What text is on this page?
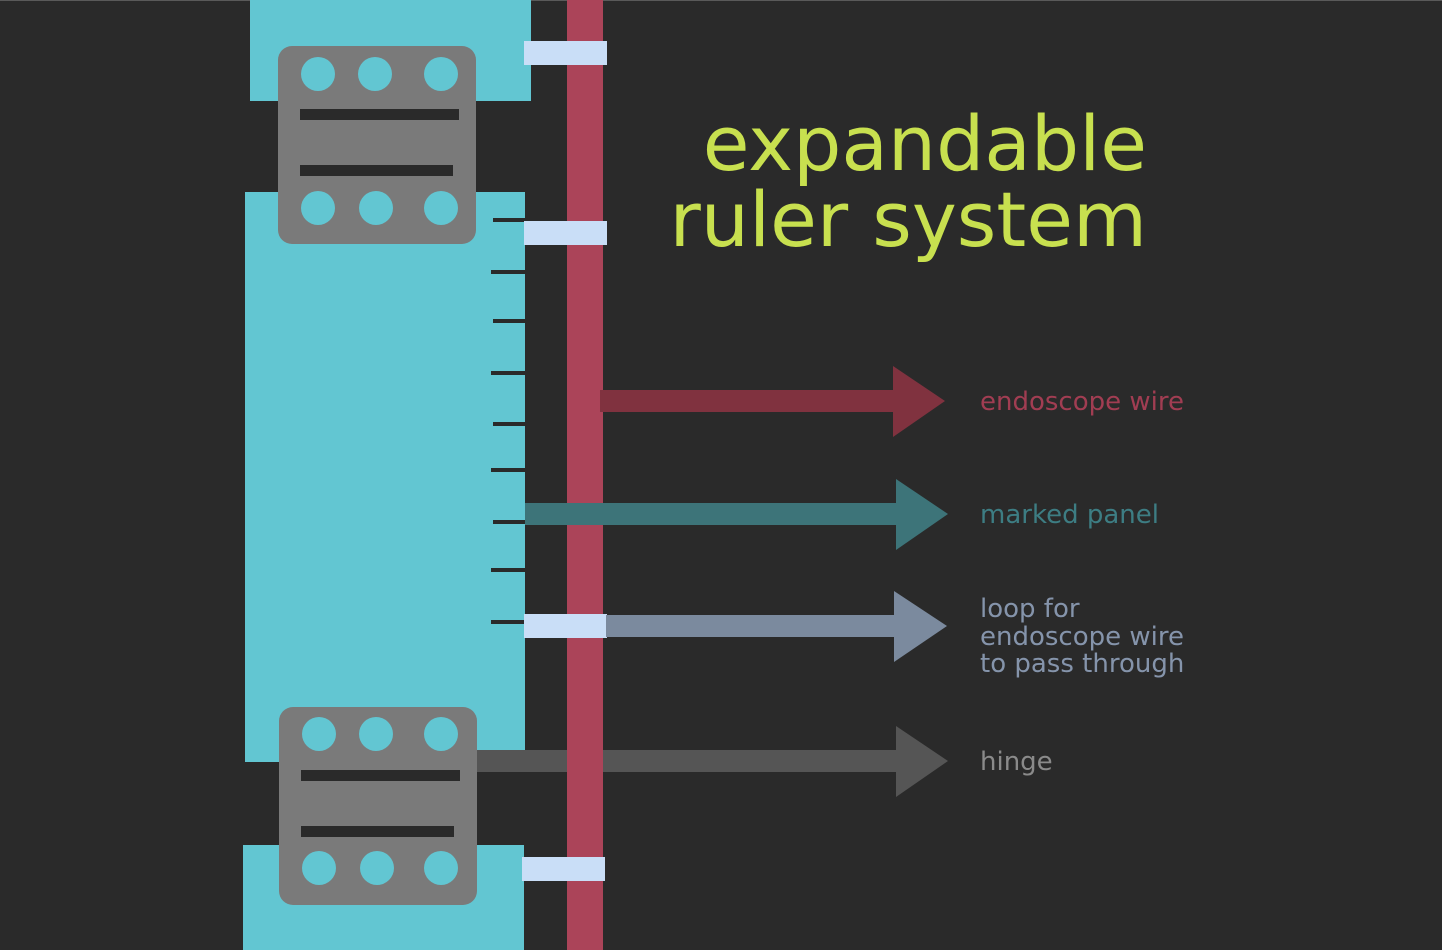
expandable
ruler system
endoscope wire
marked panel
loop for
endoscope wire
to pass through
hinge
